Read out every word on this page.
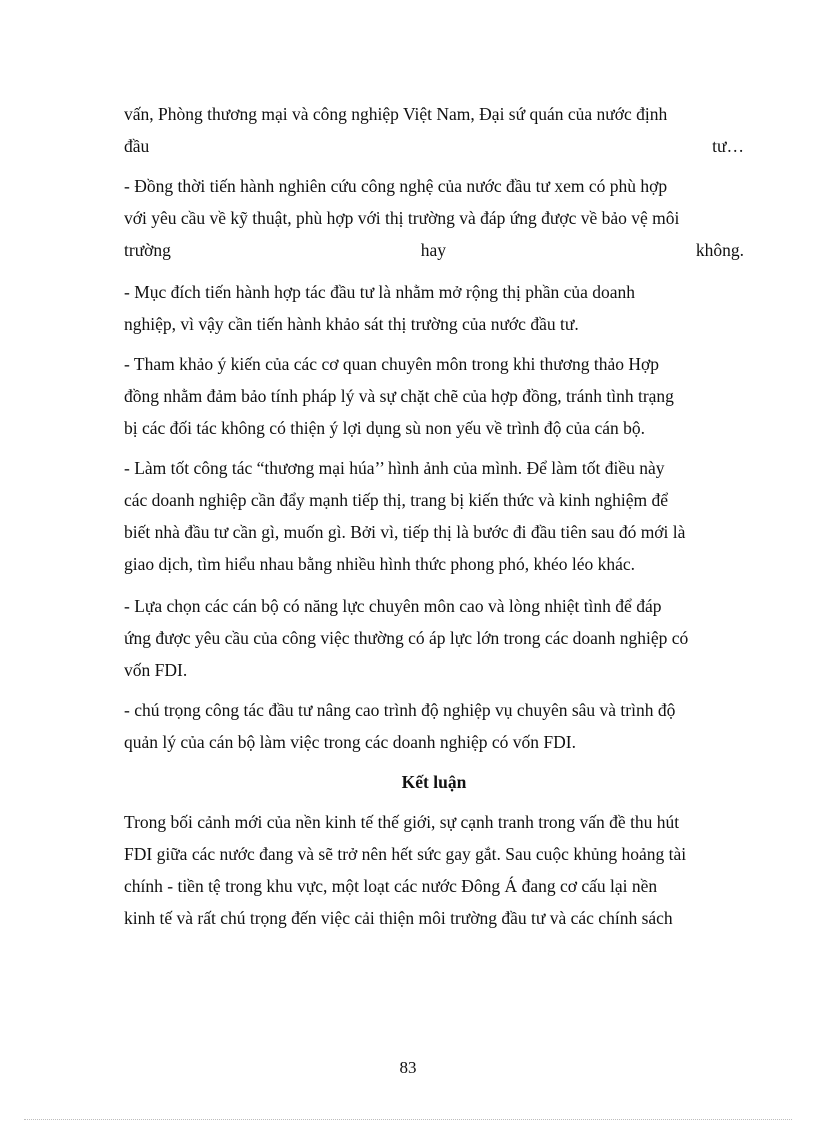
vấn, Phòng thương mại và công nghiệp Việt Nam, Đại sứ quán của nước định
đầu	tư…
- Đồng thời tiến hành nghiên cứu công nghệ của nước đầu tư xem có phù hợp
với yêu cầu về kỹ thuật, phù hợp với thị trường và đáp ứng được về bảo vệ môi
trường	hay	không.
- Mục đích tiến hành hợp tác đầu tư là nhằm mở rộng thị phần của doanh
nghiệp, vì vậy cần tiến hành khảo sát thị trường của nước đầu tư.
- Tham khảo ý kiến của các cơ quan chuyên môn trong khi thương thảo Hợp
đồng nhằm đảm bảo tính pháp lý và sự chặt chẽ của hợp đồng, tránh tình trạng
bị các đối tác không có thiện ý lợi dụng sù non yếu về trình độ của cán bộ.
- Làm tốt công tác “thương mại húa’’ hình ảnh của mình. Để làm tốt điều này
các doanh nghiệp cần đẩy mạnh tiếp thị, trang bị kiến thức và kinh nghiệm để
biết nhà đầu tư cần gì, muốn gì. Bởi vì, tiếp thị là bước đi đầu tiên sau đó mới là
giao dịch, tìm hiểu nhau bằng nhiều hình thức phong phó, khéo léo khác.
- Lựa chọn các cán bộ có năng lực chuyên môn cao và lòng nhiệt tình để đáp
ứng được yêu cầu của công việc thường có áp lực lớn trong các doanh nghiệp có
vốn FDI.
- chú trọng công tác đầu tư nâng cao trình độ nghiệp vụ chuyên sâu và trình độ
quản lý của cán bộ làm việc trong các doanh nghiệp có vốn FDI.
Kết luận
Trong bối cảnh mới của nền kinh tế thế giới, sự cạnh tranh trong vấn đề thu hút
FDI giữa các nước đang và sẽ trở nên hết sức gay gắt. Sau cuộc khủng hoảng tài
chính - tiền tệ trong khu vực, một loạt các nước Đông Á đang cơ cấu lại nền
kinh tế và rất chú trọng đến việc cải thiện môi trường đầu tư và các chính sách
83
